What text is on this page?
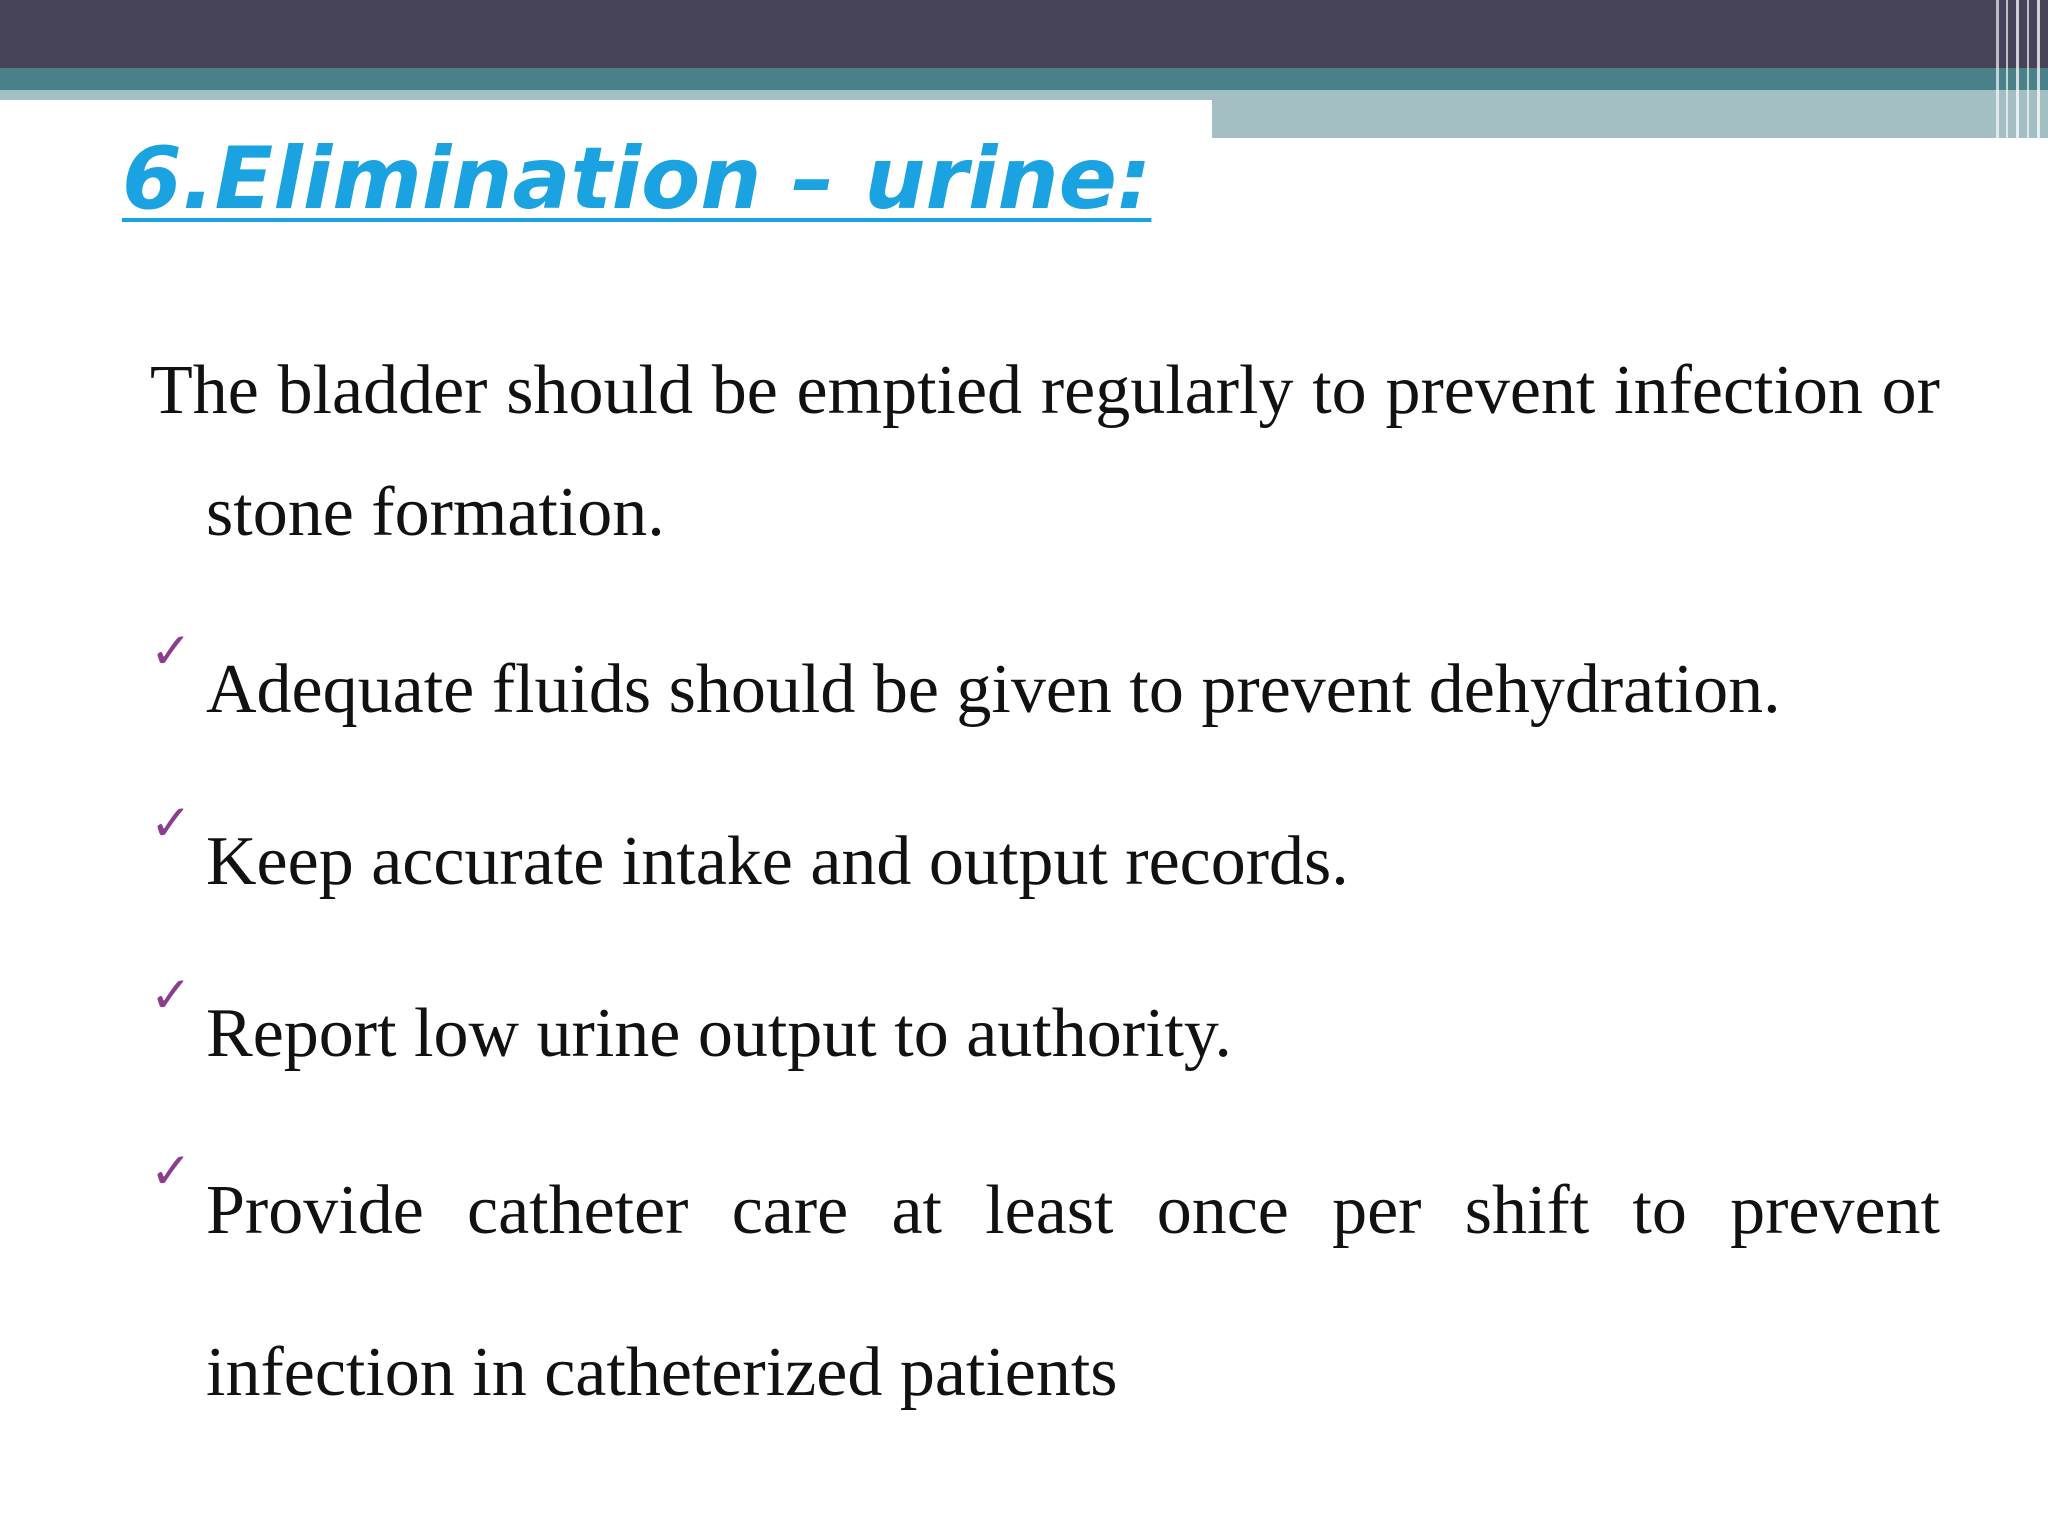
6.Elimination – urine:

The bladder should be emptied regularly to prevent infection or stone formation.

✓ Adequate fluids should be given to prevent dehydration.
✓ Keep accurate intake and output records.
✓ Report low urine output to authority.
✓
Provide catheter care at least once per shift to prevent infection in catheterized patients
